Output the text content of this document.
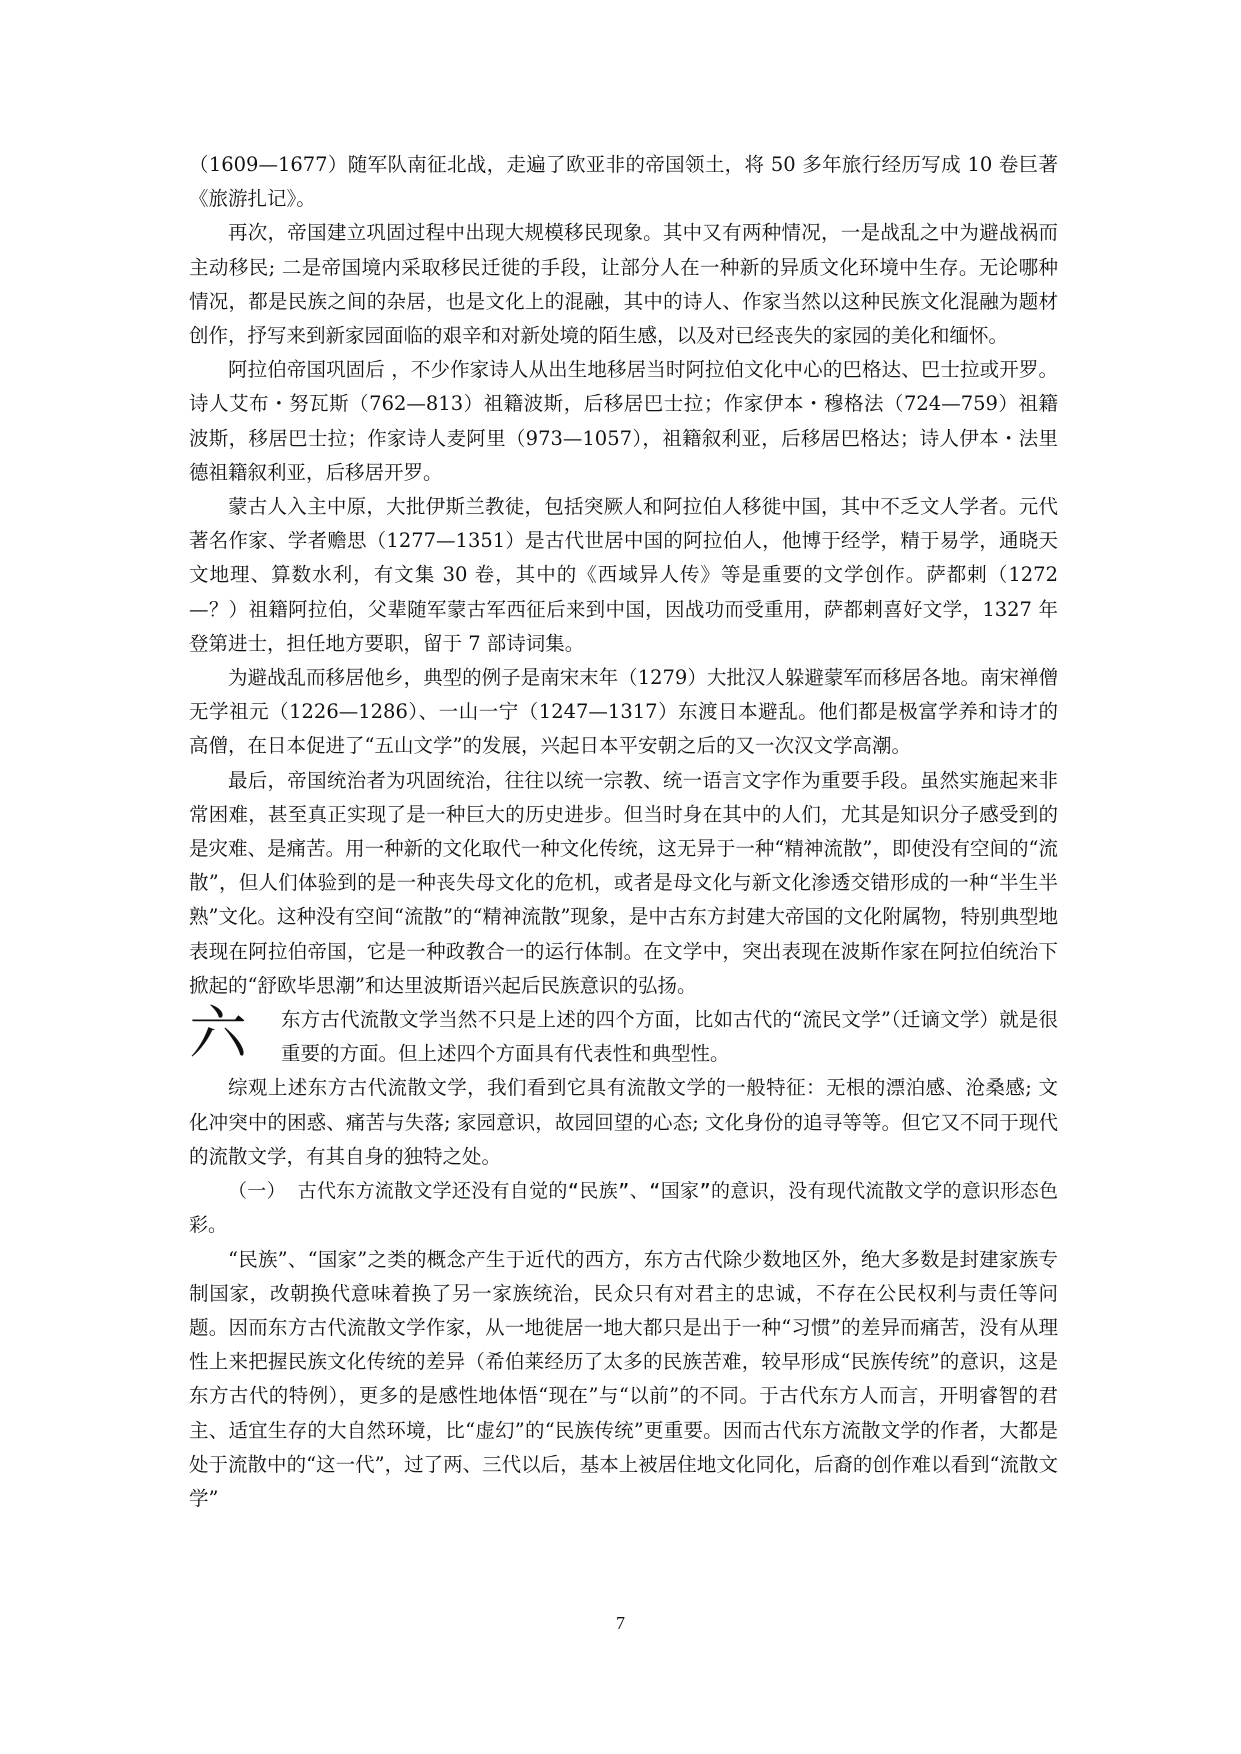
（1609—1677）随军队南征北战，走遍了欧亚非的帝国领土，将 50 多年旅行经历写成 10 卷巨著《旅游扎记》。

再次，帝国建立巩固过程中出现大规模移民现象。其中又有两种情况，一是战乱之中为避战祸而主动移民; 二是帝国境内采取移民迁徙的手段，让部分人在一种新的异质文化环境中生存。无论哪种情况，都是民族之间的杂居，也是文化上的混融，其中的诗人、作家当然以这种民族文化混融为题材创作，抒写来到新家园面临的艰辛和对新处境的陌生感，以及对已经丧失的家园的美化和缅怀。

阿拉伯帝国巩固后 ，不少作家诗人从出生地移居当时阿拉伯文化中心的巴格达、巴士拉或开罗。诗人艾布・努瓦斯（762—813）祖籍波斯，后移居巴士拉；作家伊本・穆格法（724—759）祖籍波斯，移居巴士拉；作家诗人麦阿里（973—1057），祖籍叙利亚，后移居巴格达；诗人伊本・法里德祖籍叙利亚，后移居开罗。

蒙古人入主中原，大批伊斯兰教徒，包括突厥人和阿拉伯人移徙中国，其中不乏文人学者。元代著名作家、学者赡思（1277—1351）是古代世居中国的阿拉伯人，他博于经学，精于易学，通晓天文地理、算数水利，有文集 30 卷，其中的《西域异人传》等是重要的文学创作。萨都剌（1272—？）祖籍阿拉伯，父辈随军蒙古军西征后来到中国，因战功而受重用，萨都剌喜好文学，1327 年登第进士，担任地方要职，留于 7 部诗词集。

为避战乱而移居他乡，典型的例子是南宋末年（1279）大批汉人躲避蒙军而移居各地。南宋禅僧无学祖元（1226—1286）、一山一宁（1247—1317）东渡日本避乱。他们都是极富学养和诗才的高僧，在日本促进了“五山文学”的发展，兴起日本平安朝之后的又一次汉文学高潮。

最后，帝国统治者为巩固统治，往往以统一宗教、统一语言文字作为重要手段。虽然实施起来非常困难，甚至真正实现了是一种巨大的历史进步。但当时身在其中的人们，尤其是知识分子感受到的是灾难、是痛苦。用一种新的文化取代一种文化传统，这无异于一种“精神流散”，即使没有空间的“流散”，但人们体验到的是一种丧失母文化的危机，或者是母文化与新文化渗透交错形成的一种“半生半熟”文化。这种没有空间“流散”的“精神流散”现象，是中古东方封建大帝国的文化附属物，特别典型地表现在阿拉伯帝国，它是一种政教合一的运行体制。在文学中，突出表现在波斯作家在阿拉伯统治下掀起的“舒欧毕思潮”和达里波斯语兴起后民族意识的弘扬。

六 东方古代流散文学当然不只是上述的四个方面，比如古代的“流民文学”（迁谪文学）就是很重要的方面。但上述四个方面具有代表性和典型性。

综观上述东方古代流散文学，我们看到它具有流散文学的一般特征：无根的漂泊感、沧桑感; 文化冲突中的困惑、痛苦与失落; 家园意识，故园回望的心态; 文化身份的追寻等等。但它又不同于现代的流散文学，有其自身的独特之处。

（一） 古代东方流散文学还没有自觉的“民族”、“国家”的意识，没有现代流散文学的意识形态色彩。

“民族”、“国家”之类的概念产生于近代的西方，东方古代除少数地区外，绝大多数是封建家族专制国家，改朝换代意味着换了另一家族统治，民众只有对君主的忠诚，不存在公民权利与责任等问题。因而东方古代流散文学作家，从一地徙居一地大都只是出于一种“习惯”的差异而痛苦，没有从理性上来把握民族文化传统的差异（希伯莱经历了太多的民族苦难，较早形成“民族传统”的意识，这是东方古代的特例），更多的是感性地体悟“现在”与“以前”的不同。于古代东方人而言，开明睿智的君主、适宜生存的大自然环境，比“虚幻”的“民族传统”更重要。因而古代东方流散文学的作者，大都是处于流散中的“这一代”，过了两、三代以后，基本上被居住地文化同化，后裔的创作难以看到“流散文学”

7
